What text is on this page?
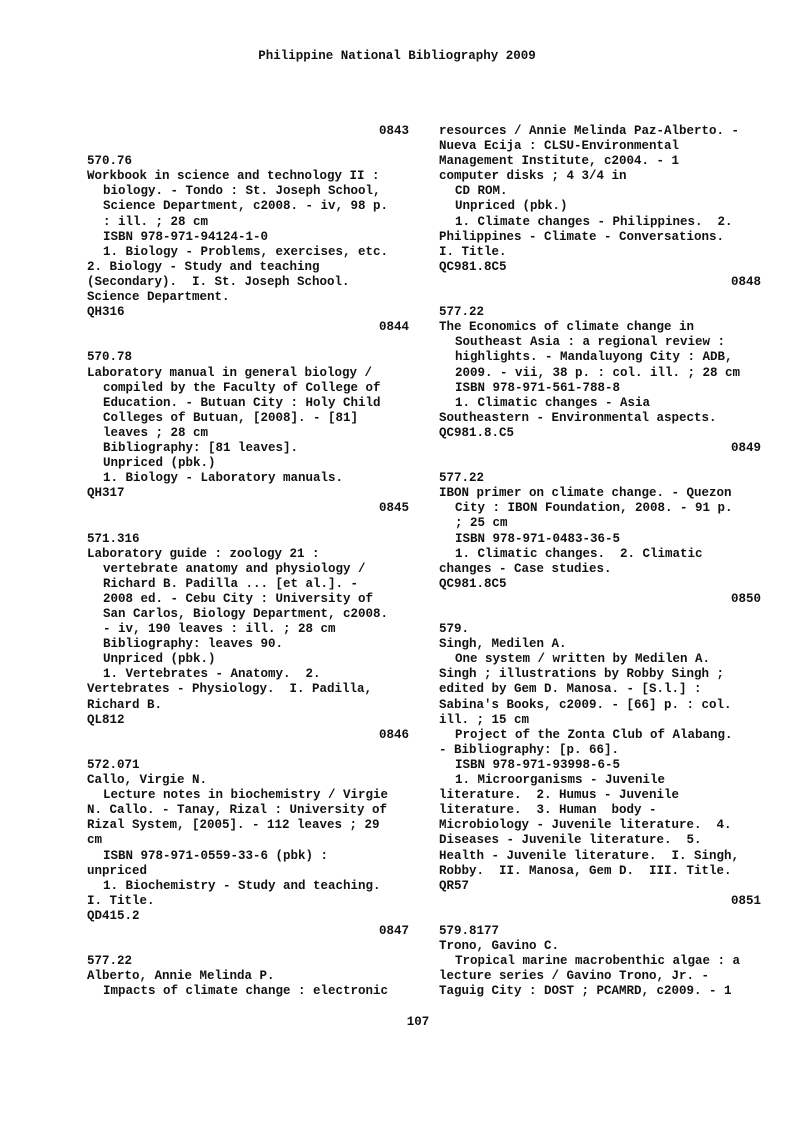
Philippine National Bibliography 2009
0843
570.76
Workbook in science and technology II :
biology. - Tondo : St. Joseph School,
Science Department, c2008. - iv, 98 p.
: ill. ; 28 cm
ISBN 978-971-94124-1-0
1. Biology - Problems, exercises, etc.
2. Biology - Study and teaching
(Secondary).  I. St. Joseph School.
Science Department.
QH316
0844
570.78
Laboratory manual in general biology /
compiled by the Faculty of College of
Education. - Butuan City : Holy Child
Colleges of Butuan, [2008]. - [81]
leaves ; 28 cm
Bibliography: [81 leaves].
Unpriced (pbk.)
1. Biology - Laboratory manuals.
QH317
0845
571.316
Laboratory guide : zoology 21 :
vertebrate anatomy and physiology /
Richard B. Padilla ... [et al.]. -
2008 ed. - Cebu City : University of
San Carlos, Biology Department, c2008.
- iv, 190 leaves : ill. ; 28 cm
Bibliography: leaves 90.
Unpriced (pbk.)
1. Vertebrates - Anatomy.  2.
Vertebrates - Physiology.  I. Padilla,
Richard B.
QL812
0846
572.071
Callo, Virgie N.
Lecture notes in biochemistry / Virgie
N. Callo. - Tanay, Rizal : University of
Rizal System, [2005]. - 112 leaves ; 29
cm
ISBN 978-971-0559-33-6 (pbk) :
unpriced
1. Biochemistry - Study and teaching.
I. Title.
QD415.2
0847
577.22
Alberto, Annie Melinda P.
Impacts of climate change : electronic
resources / Annie Melinda Paz-Alberto. -
Nueva Ecija : CLSU-Environmental
Management Institute, c2004. - 1
computer disks ; 4 3/4 in
CD ROM.
Unpriced (pbk.)
1. Climate changes - Philippines.  2.
Philippines - Climate - Conversations.
I. Title.
QC981.8C5
0848
577.22
The Economics of climate change in
Southeast Asia : a regional review :
highlights. - Mandaluyong City : ADB,
2009. - vii, 38 p. : col. ill. ; 28 cm
ISBN 978-971-561-788-8
1. Climatic changes - Asia
Southeastern - Environmental aspects.
QC981.8.C5
0849
577.22
IBON primer on climate change. - Quezon
City : IBON Foundation, 2008. - 91 p.
; 25 cm
ISBN 978-971-0483-36-5
1. Climatic changes.  2. Climatic
changes - Case studies.
QC981.8C5
0850
579.
Singh, Medilen A.
One system / written by Medilen A.
Singh ; illustrations by Robby Singh ;
edited by Gem D. Manosa. - [S.l.] :
Sabina's Books, c2009. - [66] p. : col.
ill. ; 15 cm
Project of the Zonta Club of Alabang.
- Bibliography: [p. 66].
ISBN 978-971-93998-6-5
1. Microorganisms - Juvenile
literature.  2. Humus - Juvenile
literature.  3. Human  body -
Microbiology - Juvenile literature.  4.
Diseases - Juvenile literature.  5.
Health - Juvenile literature.  I. Singh,
Robby.  II. Manosa, Gem D.  III. Title.
QR57
0851
579.8177
Trono, Gavino C.
Tropical marine macrobenthic algae : a
lecture series / Gavino Trono, Jr. -
Taguig City : DOST ; PCAMRD, c2009. - 1
107
